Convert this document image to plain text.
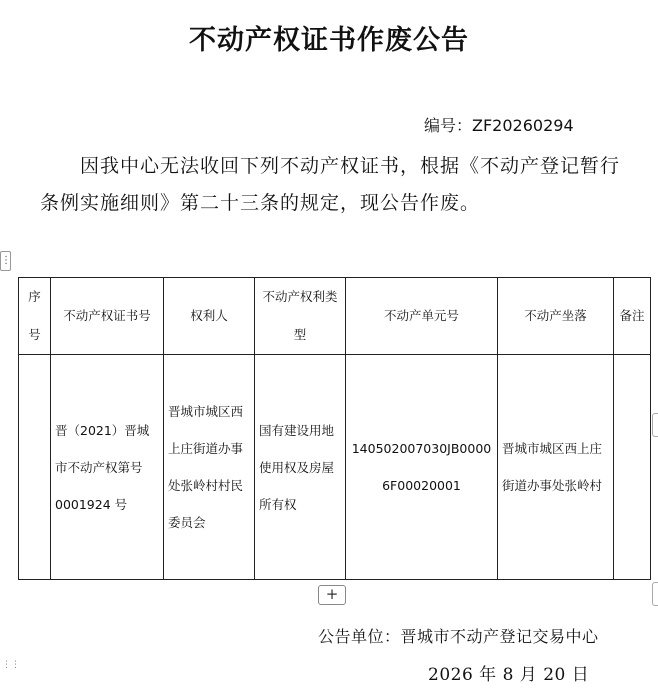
不动产权证书作废公告
编号：ZF20260294
因我中心无法收回下列不动产权证书，根据《不动产登记暂行条例实施细则》第二十三条的规定，现公告作废。
⋮
序号	不动产权证书号	权利人	不动产权利类型	不动产单元号	不动产坐落	备注
	晋（2021）晋城市不动产权第号 0001924 号	晋城市城区西上庄街道办事处张岭村村民委员会	国有建设用地使用权及房屋所有权	140502007030JB00006F00020001	晋城市城区西上庄街道办事处张岭村	
+
公告单位：晋城市不动产登记交易中心
2026 年 8 月 20 日
⋮⋮
